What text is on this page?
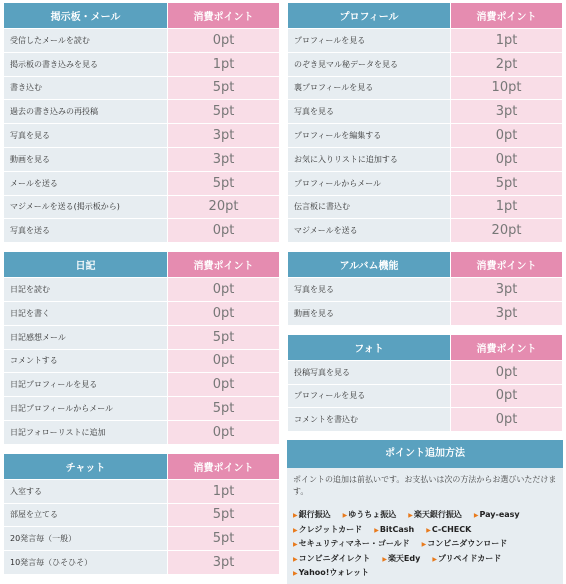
掲示板・メール	消費ポイント
受信したメールを読む	0pt
掲示板の書き込みを見る	1pt
書き込む	5pt
過去の書き込みの再投稿	5pt
写真を見る	3pt
動画を見る	3pt
メールを送る	5pt
マジメールを送る(掲示板から)	20pt
写真を送る	0pt
日記	消費ポイント
日記を読む	0pt
日記を書く	0pt
日記感想メール	5pt
コメントする	0pt
日記プロフィールを見る	0pt
日記プロフィールからメール	5pt
日記フォローリストに追加	0pt
チャット	消費ポイント
入室する	1pt
部屋を立てる	5pt
20発言毎（一般）	5pt
10発言毎（ひそひそ）	3pt
プロフィール	消費ポイント
プロフィールを見る	1pt
のぞき見マル秘データを見る	2pt
裏プロフィールを見る	10pt
写真を見る	3pt
プロフィールを編集する	0pt
お気に入りリストに追加する	0pt
プロフィールからメール	5pt
伝言板に書込む	1pt
マジメールを送る	20pt
アルバム機能	消費ポイント
写真を見る	3pt
動画を見る	3pt
フォト	消費ポイント
投稿写真を見る	0pt
プロフィールを見る	0pt
コメントを書込む	0pt
ポイント追加方法
ポイントの追加は前払いです。お支払いは次の方法からお選びいただけます。
▶銀行振込 ▶ゆうちょ振込 ▶楽天銀行振込 ▶Pay-easy▶クレジットカード ▶BitCash ▶C-CHECK▶セキュリティマネー・ゴールド ▶コンビニダウンロード▶コンビニダイレクト ▶楽天Edy ▶プリペイドカード▶Yahoo!ウォレット
